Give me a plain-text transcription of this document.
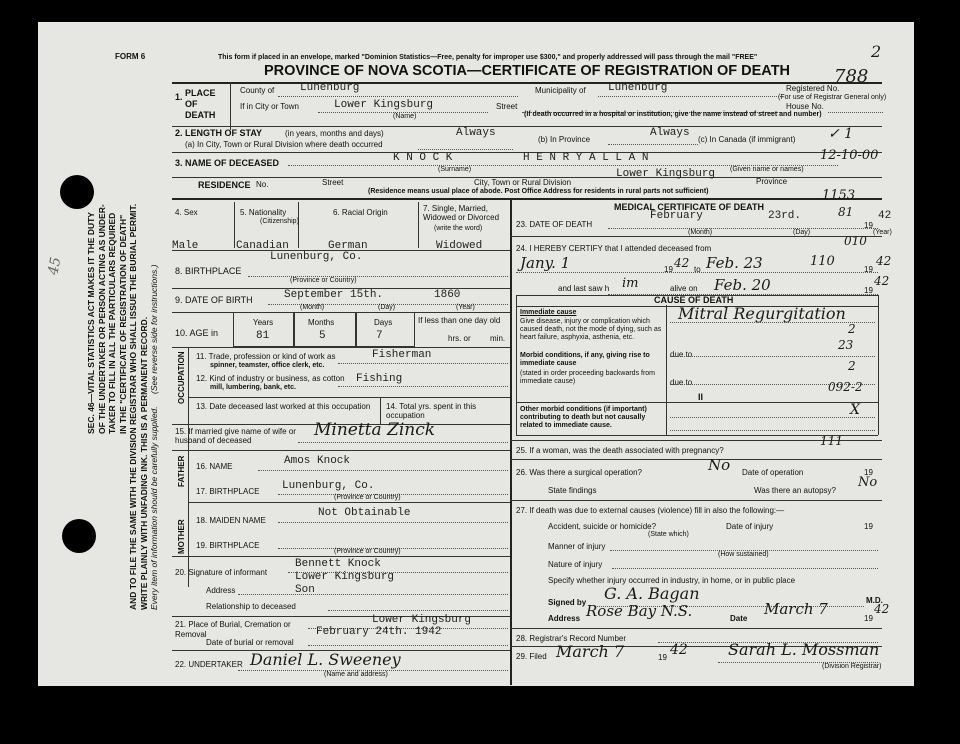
SEC. 46—VITAL STATISTICS ACT MAKES IT THE DUTY OF THE UNDERTAKER OR PERSON ACTING AS UNDER- TAKER TO FILL IN ALL THE PARTICULARS REQUIRED IN THE "CERTIFICATE OF REGISTRATION OF DEATH" AND TO FILE THE SAME WITH THE DIVISION REGISTRAR WHO SHALL ISSUE THE BURIAL PERMIT. WRITE PLAINLY WITH UNFADING INK. THIS IS A PERMANENT RECORD. Every item of information should be carefully supplied. (See reverse side for instructions.)
45
FORM 6	This form if placed in an envelope, marked "Dominion Statistics—Free, penalty for improper use $300," and properly addressed will pass through the mail "FREE"	2
PROVINCE OF NOVA SCOTIA—CERTIFICATE OF REGISTRATION OF DEATH
Registered No.
788
(For use of Registrar General only)
1. PLACE OF DEATH
County of Lunenburg	Municipality of Lunenburg
If in City or Town	Lower Kingsburg
(Name)
Street
(If death occurred in a hospital or institution, give the name instead of street and number)
House No.
2. LENGTH OF STAY	(in years, months and days)
(a) In City, Town or Rural Division where death occurred
Always
(b) In Province
Always
(c) In Canada (if immigrant) ✓ 1
3. NAME OF DECEASED	K N O C K	H E N R Y A L L A N
(Surname)	(Given name or names)
12-10-00
RESIDENCE No.	Street	City, Town or Rural Division
Lower Kingsburg
Province
(Residence means usual place of abode. Post Office Address for residents in rural parts not sufficient)
4. Sex
Male
5. Nationality
(Citizenship)
Canadian
6. Racial Origin
German
7. Single, Married, Widowed or Divorced
(write the word)
Widowed
8. BIRTHPLACE
Lunenburg, Co.
(Province or Country)
9. DATE OF BIRTH	September 15th.	1860
(Month)	(Day)	(Year)
10. AGE in
Years
81
Months
5
Days
7
If less than one day old
hrs. or min.
OCCUPATION 11. Trade, profession or kind of work as
spinner, teamster, office clerk, etc.
Fisherman
12. Kind of industry or business, as cotton
mill, lumbering, bank, etc.
Fishing
13. Date deceased last worked at this occupation	14. Total yrs. spent in this occupation
15. If married give name of wife or husband of deceased
Minetta Zinck
FATHER 16. NAME	Amos Knock
17. BIRTHPLACE Lunenburg, Co.
(Province or Country)
MOTHER 18. MAIDEN NAME
Not Obtainable
19. BIRTHPLACE
(Province or Country)
20. Signature of informant
Bennett Knock
Lower Kingsburg
Address	Son
Relationship to deceased
21. Place of Burial, Cremation or Removal
Lower Kingsburg
Date of burial or removal
February 24th. 1942
22. UNDERTAKER Daniel L. Sweeney
(Name and address)
MEDICAL CERTIFICATE OF DEATH
1153
23. DATE OF DEATH
February	23rd.
19
42
81
(Month)	(Day)	(Year)
24. I HEREBY CERTIFY that I attended deceased from
010
Jany. 1	19 42 to Feb. 23	110
19
42
and last saw h im	alive on Feb. 20	19
42
CAUSE OF DEATH
Immediate cause
Give disease, injury or complication which caused death, not the mode of dying, such as heart failure, asphyxia, asthenia, etc.
Mitral Regurgitation
2
due to
23
Morbid conditions, if any, giving rise to immediate cause
(stated in order proceeding backwards from immediate cause)
2
due to
II
092-2
Other morbid conditions (if important) contributing to death but not causally related to immediate cause.
X
25. If a woman, was the death associated with pregnancy?
111
26. Was there a surgical operation?	No Date of operation	19
State findings	Was there an autopsy?
No
27. If death was due to external causes (violence) fill in also the following:—
Accident, suicide or homicide?	Date of injury	19
(State which)
Manner of injury
(How sustained)
Nature of injury
Specify whether injury occurred in industry, in home, or in public place
Signed by G. A. Bagan	M.D.
Address Rose Bay N.S.	Date
March 7
19
42
28. Registrar's Record Number
29. Filed March 7	19 42	Sarah L. Mossman
(Division Registrar)
